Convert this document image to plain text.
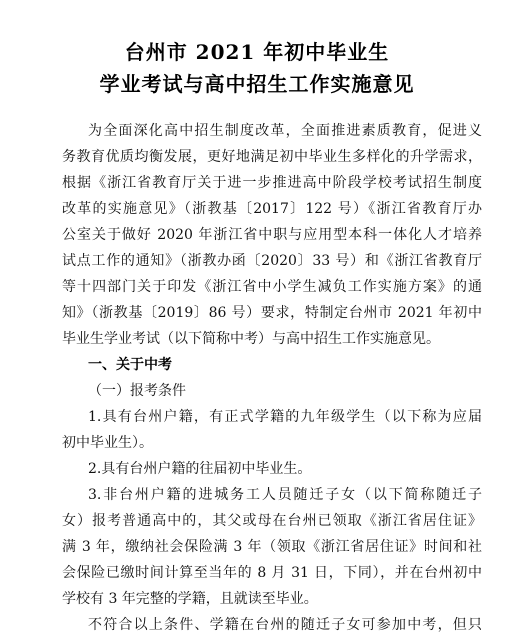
台州市 2021 年初中毕业生
学业考试与高中招生工作实施意见
为全面深化高中招生制度改革，全面推进素质教育，促进义
务教育优质均衡发展，更好地满足初中毕业生多样化的升学需求，
根据《浙江省教育厅关于进一步推进高中阶段学校考试招生制度
改革的实施意见》（浙教基〔2017〕122 号）《浙江省教育厅办
公室关于做好 2020 年浙江省中职与应用型本科一体化人才培养
试点工作的通知》（浙教办函〔2020〕33 号）和《浙江省教育厅
等十四部门关于印发《浙江省中小学生减负工作实施方案》的通
知》（浙教基〔2019〕86 号）要求，特制定台州市 2021 年初中
毕业生学业考试（以下简称中考）与高中招生工作实施意见。
一、关于中考
（一）报考条件
1.具有台州户籍，有正式学籍的九年级学生（以下称为应届
初中毕业生）。
2.具有台州户籍的往届初中毕业生。
3.非台州户籍的进城务工人员随迁子女（以下简称随迁子
女）报考普通高中的，其父或母在台州已领取《浙江省居住证》
满 3 年，缴纳社会保险满 3 年（领取《浙江省居住证》时间和社
会保险已缴时间计算至当年的 8 月 31 日，下同），并在台州初中
学校有 3 年完整的学籍，且就读至毕业。
不符合以上条件、学籍在台州的随迁子女可参加中考，但只
